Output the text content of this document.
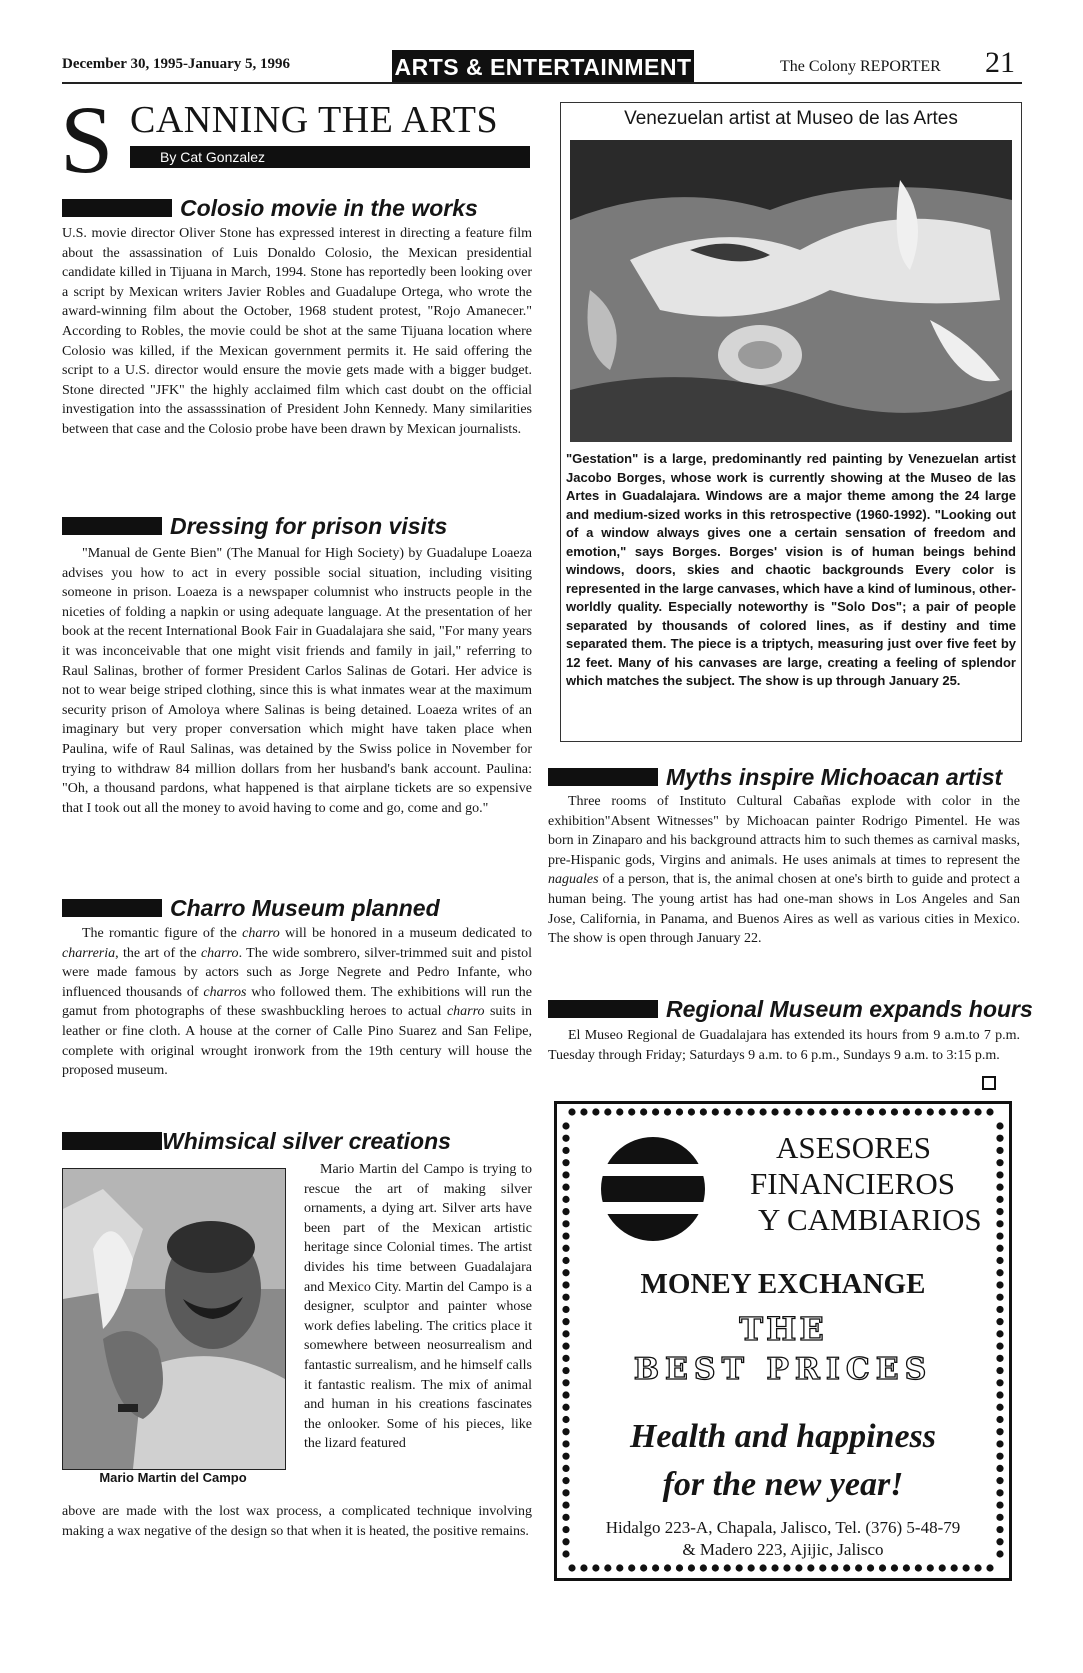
December 30, 1995-January 5, 1996	ARTS & ENTERTAINMENT	The Colony REPORTER 21
S CANNING THE ARTS
By Cat Gonzalez
Colosio movie in the works

U.S. movie director Oliver Stone has expressed interest in directing a feature film about the assassination of Luis Donaldo Colosio, the Mexican presidential candidate killed in Tijuana in March, 1994. Stone has reportedly been looking over a script by Mexican writers Javier Robles and Guadalupe Ortega, who wrote the award-winning film about the October, 1968 student protest, "Rojo Amanecer." According to Robles, the movie could be shot at the same Tijuana location where Colosio was killed, if the Mexican government permits it. He said offering the script to a U.S. director would ensure the movie gets made with a bigger budget. Stone directed "JFK" the highly acclaimed film which cast doubt on the official investigation into the assasssination of President John Kennedy. Many similarities between that case and the Colosio probe have been drawn by Mexican journalists.

Dressing for prison visits

"Manual de Gente Bien" (The Manual for High Society) by Guadalupe Loaeza advises you how to act in every possible social situation, including visiting someone in prison. Loaeza is a newspaper columnist who instructs people in the niceties of folding a napkin or using adequate language. At the presentation of her book at the recent International Book Fair in Guadalajara she said, "For many years it was inconceivable that one might visit friends and family in jail," referring to Raul Salinas, brother of former President Carlos Salinas de Gotari. Her advice is not to wear beige striped clothing, since this is what inmates wear at the maximum security prison of Amoloya where Salinas is being detained. Loaeza writes of an imaginary but very proper conversation which might have taken place when Paulina, wife of Raul Salinas, was detained by the Swiss police in November for trying to withdraw 84 million dollars from her husband's bank account. Paulina: "Oh, a thousand pardons, what happened is that airplane tickets are so expensive that I took out all the money to avoid having to come and go, come and go."

Charro Museum planned

The romantic figure of the charro will be honored in a museum dedicated to charreria, the art of the charro. The wide sombrero, silver-trimmed suit and pistol were made famous by actors such as Jorge Negrete and Pedro Infante, who influenced thousands of charros who followed them. The exhibitions will run the gamut from photographs of these swashbuckling heroes to actual charro suits in leather or fine cloth. A house at the corner of Calle Pino Suarez and San Felipe, complete with original wrought ironwork from the 19th century will house the proposed museum.

Whimsical silver creations
Mario Martin del Campo

Mario Martin del Campo is trying to rescue the art of making silver ornaments, a dying art. Silver arts have been part of the Mexican artistic heritage since Colonial times. The artist divides his time between Guadalajara and Mexico City. Martin del Campo is a designer, sculptor and painter whose work defies labeling. The critics place it somewhere between neosurrealism and fantastic surrealism, and he himself calls it fantastic realism. The mix of animal and human in his creations fascinates the onlooker. Some of his pieces, like the lizard featured

above are made with the lost wax process, a complicated technique involving making a wax negative of the design so that when it is heated, the positive remains.

Venezuelan artist at Museo de las Artes

"Gestation" is a large, predominantly red painting by Venezuelan artist Jacobo Borges, whose work is currently showing at the Museo de las Artes in Guadalajara. Windows are a major theme among the 24 large and medium-sized works in this retrospective (1960-1992). "Looking out of a window always gives one a certain sensation of freedom and emotion," says Borges. Borges' vision is of human beings behind windows, doors, skies and chaotic backgrounds Every color is represented in the large canvases, which have a kind of luminous, other-worldly quality. Especially noteworthy is "Solo Dos"; a pair of people separated by thousands of colored lines, as if destiny and time separated them. The piece is a triptych, measuring just over five feet by 12 feet. Many of his canvases are large, creating a feeling of splendor which matches the subject. The show is up through January 25.

Myths inspire Michoacan artist

Three rooms of Instituto Cultural Cabañas explode with color in the exhibition"Absent Witnesses" by Michoacan painter Rodrigo Pimentel. He was born in Zinaparo and his background attracts him to such themes as carnival masks, pre-Hispanic gods, Virgins and animals. He uses animals at times to represent the naguales of a person, that is, the animal chosen at one's birth to guide and protect a human being. The young artist has had one-man shows in Los Angeles and San Jose, California, in Panama, and Buenos Aires as well as various cities in Mexico. The show is open through January 22.

Regional Museum expands hours

El Museo Regional de Guadalajara has extended its hours from 9 a.m.to 7 p.m. Tuesday through Friday; Saturdays 9 a.m. to 6 p.m., Sundays 9 a.m. to 3:15 p.m.

ASESORES
FINANCIEROS
Y CAMBIARIOS
MONEY EXCHANGE
THE
BEST PRICES
Health and happiness
for the new year!
Hidalgo 223-A, Chapala, Jalisco, Tel. (376) 5-48-79
& Madero 223, Ajijic, Jalisco
